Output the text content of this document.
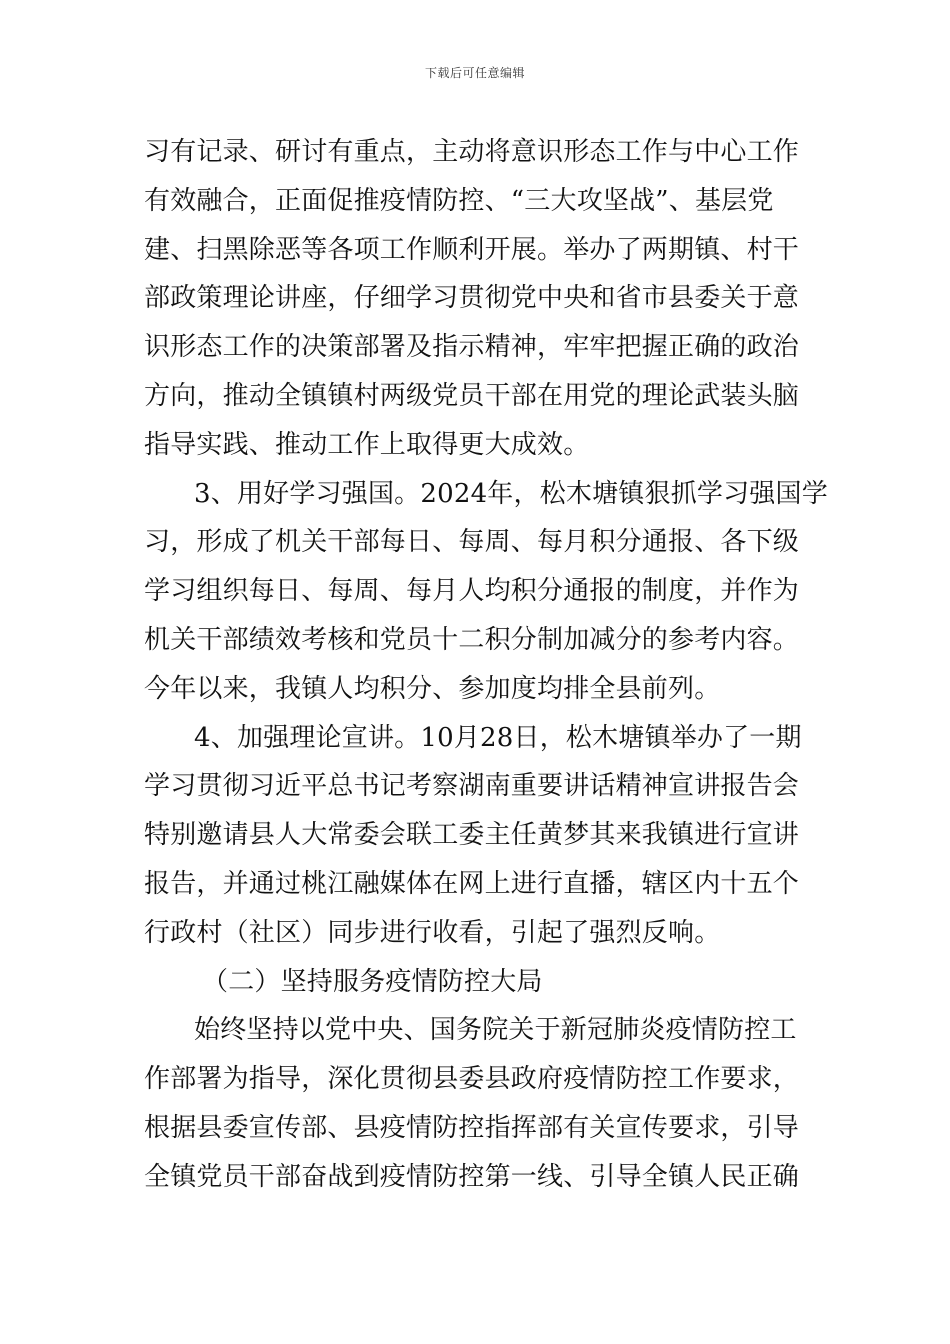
下载后可任意编辑
习有记录、研讨有重点，主动将意识形态工作与中心工作
有效融合，正面促推疫情防控、“三大攻坚战”、基层党
建、扫黑除恶等各项工作顺利开展。举办了两期镇、村干
部政策理论讲座，仔细学习贯彻党中央和省市县委关于意
识形态工作的决策部署及指示精神，牢牢把握正确的政治
方向，推动全镇镇村两级党员干部在用党的理论武装头脑
指导实践、推动工作上取得更大成效。
3、用好学习强国。2024年，松木塘镇狠抓学习强国学
习，形成了机关干部每日、每周、每月积分通报、各下级
学习组织每日、每周、每月人均积分通报的制度，并作为
机关干部绩效考核和党员十二积分制加减分的参考内容。
今年以来，我镇人均积分、参加度均排全县前列。
4、加强理论宣讲。10月28日，松木塘镇举办了一期
学习贯彻习近平总书记考察湖南重要讲话精神宣讲报告会
特别邀请县人大常委会联工委主任黄梦其来我镇进行宣讲
报告，并通过桃江融媒体在网上进行直播，辖区内十五个
行政村（社区）同步进行收看，引起了强烈反响。
（二）坚持服务疫情防控大局
始终坚持以党中央、国务院关于新冠肺炎疫情防控工
作部署为指导，深化贯彻县委县政府疫情防控工作要求，
根据县委宣传部、县疫情防控指挥部有关宣传要求，引导
全镇党员干部奋战到疫情防控第一线、引导全镇人民正确
